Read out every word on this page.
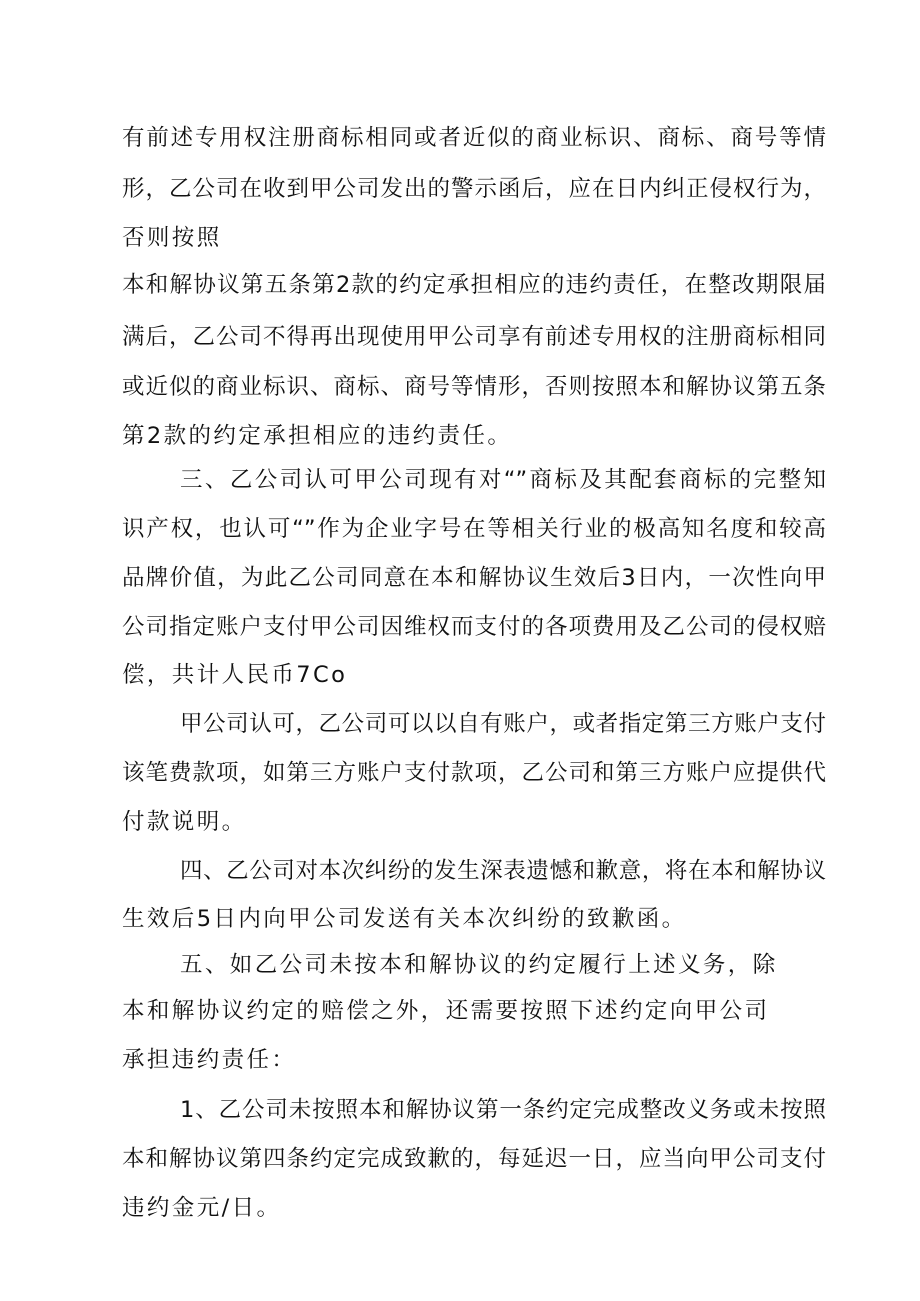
有前述专用权注册商标相同或者近似的商业标识、商标、商号等情
形，乙公司在收到甲公司发出的警示函后，应在日内纠正侵权行为，
否则按照
本和解协议第五条第2款的约定承担相应的违约责任，在整改期限届
满后，乙公司不得再出现使用甲公司享有前述专用权的注册商标相同
或近似的商业标识、商标、商号等情形，否则按照本和解协议第五条
第2款的约定承担相应的违约责任。
三、乙公司认可甲公司现有对“”商标及其配套商标的完整知
识产权，也认可“”作为企业字号在等相关行业的极高知名度和较高
品牌价值，为此乙公司同意在本和解协议生效后3日内，一次性向甲
公司指定账户支付甲公司因维权而支付的各项费用及乙公司的侵权赔
偿，共计人民币7Co
甲公司认可，乙公司可以以自有账户，或者指定第三方账户支付
该笔费款项，如第三方账户支付款项，乙公司和第三方账户应提供代
付款说明。
四、乙公司对本次纠纷的发生深表遗憾和歉意，将在本和解协议
生效后5日内向甲公司发送有关本次纠纷的致歉函。
五、如乙公司未按本和解协议的约定履行上述义务，除
本和解协议约定的赔偿之外，还需要按照下述约定向甲公司
承担违约责任：
1、乙公司未按照本和解协议第一条约定完成整改义务或未按照
本和解协议第四条约定完成致歉的，每延迟一日，应当向甲公司支付
违约金元/日。
